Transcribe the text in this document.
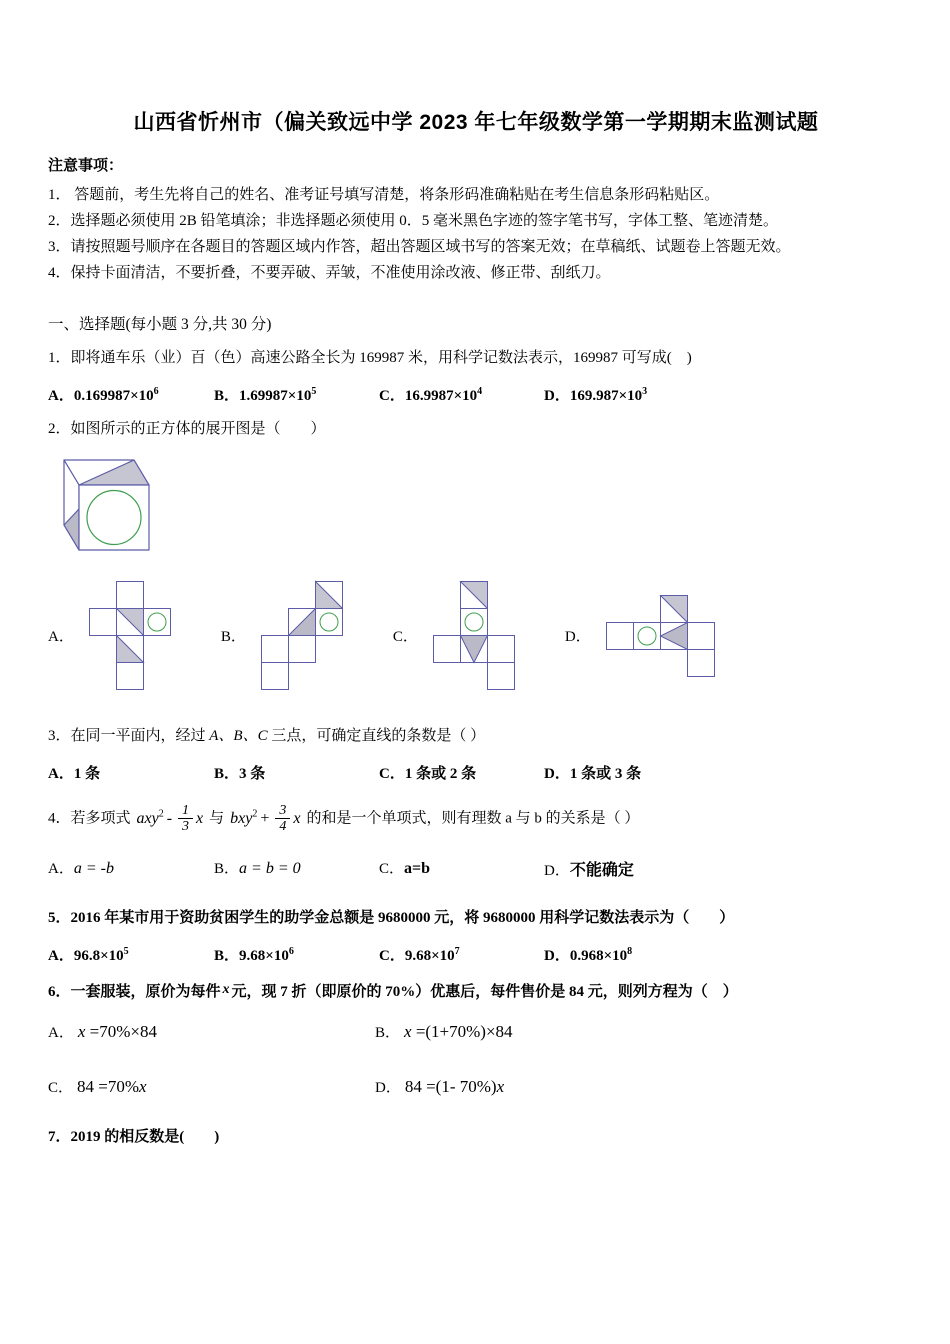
山西省忻州市（偏关致远中学 2023 年七年级数学第一学期期末监测试题
注意事项：
1． 答题前，考生先将自己的姓名、准考证号填写清楚，将条形码准确粘贴在考生信息条形码粘贴区。
2．选择题必须使用 2B 铅笔填涂；非选择题必须使用 0．5 毫米黑色字迹的签字笔书写，字体工整、笔迹清楚。
3．请按照题号顺序在各题目的答题区域内作答，超出答题区域书写的答案无效；在草稿纸、试题卷上答题无效。
4．保持卡面清洁，不要折叠，不要弄破、弄皱，不准使用涂改液、修正带、刮纸刀。
一、选择题(每小题 3 分,共 30 分)
1．即将通车乐（业）百（色）高速公路全长为 169987 米，用科学记数法表示，169987 可写成(　)
A．$0.169987\times 10^6$	B．$1.69987\times 10^5$	C．$16.9987\times 10^4$	D．$169.987\times 10^3$
2．如图所示的正方体的展开图是（　　）
A．	B．	C．	D．
3．在同一平面内，经过 A、B、C 三点，可确定直线的条数是（ ）
A．1 条	B．3 条	C．1 条或 2 条	D．1 条或 3 条
4．若多项式 $axy^2 - \frac{1}{3}$ x 与 $bxy^2 + \frac{3}{4}$ x 的和是一个单项式，则有理数 a 与 b 的关系是（ ）
A．a = -b	B．a = b = 0	C．a=b	D．不能确定
5．2016 年某市用于资助贫困学生的助学金总额是 9680000 元，将 9680000 用科学记数法表示为（　　）
A．$96.8\times 10^5$	B．$9.68\times 10^6$	C．$9.68\times 10^7$	D．$0.968\times 10^8$
6．一套服装，原价为每件 x 元，现 7 折（即原价的 70%）优惠后，每件售价是 84 元，则列方程为（　）
A． x =70%×84	B． x =(1+70%)×84
C． 84 =70%x	D． 84 =(1- 70%)x
7．2019 的相反数是(　　)
